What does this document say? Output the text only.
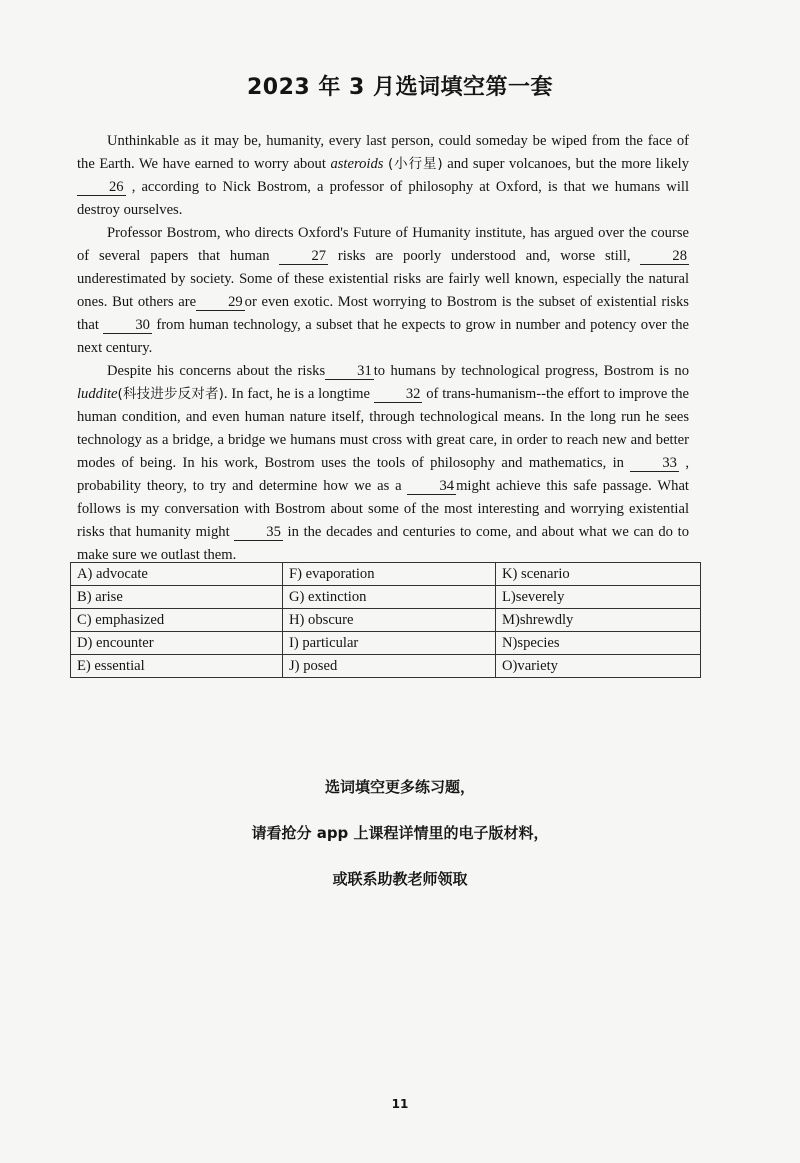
2023 年 3 月选词填空第一套

Unthinkable as it may be, humanity, every last person, could someday be wiped from the face of the Earth. We have earned to worry about asteroids (小行星) and super volcanoes, but the more likely 26 , according to Nick Bostrom, a professor of philosophy at Oxford, is that we humans will destroy ourselves.

Professor Bostrom, who directs Oxford's Future of Humanity institute, has argued over the course of several papers that human 27 risks are poorly understood and, worse still, 28 underestimated by society. Some of these existential risks are fairly well known, especially the natural ones. But others are 29 or even exotic. Most worrying to Bostrom is the subset of existential risks that 30 from human technology, a subset that he expects to grow in number and potency over the next century.

Despite his concerns about the risks 31 to humans by technological progress, Bostrom is no luddite(科技进步反对者). In fact, he is a longtime 32 of trans-humanism--the effort to improve the human condition, and even human nature itself, through technological means. In the long run he sees technology as a bridge, a bridge we humans must cross with great care, in order to reach new and better modes of being. In his work, Bostrom uses the tools of philosophy and mathematics, in 33 , probability theory, to try and determine how we as a 34 might achieve this safe passage. What follows is my conversation with Bostrom about some of the most interesting and worrying existential risks that humanity might 35 in the decades and centuries to come, and about what we can do to make sure we outlast them.

A) advocate	F) evaporation	K) scenario
B) arise	G) extinction	L)severely
C) emphasized	H) obscure	M)shrewdly
D) encounter	I) particular	N)species
E) essential	J) posed	O)variety
选词填空更多练习题，
请看抢分 app 上课程详情里的电子版材料，
或联系助教老师领取
11
